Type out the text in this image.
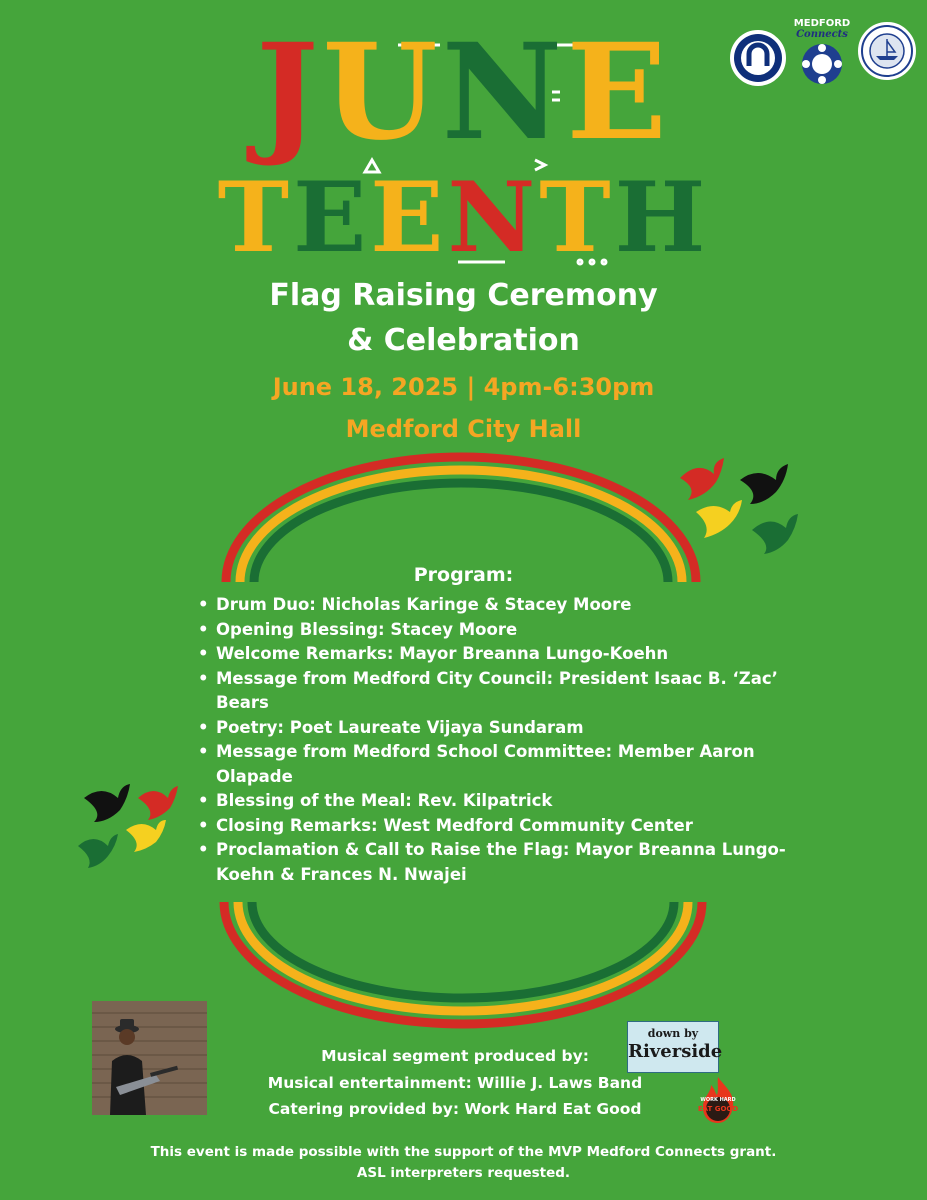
MEDFORD
Connects
JUNE
TEENTH
Flag Raising Ceremony
& Celebration
June 18, 2025 | 4pm-6:30pm
Medford City Hall
Program:
• Drum Duo: Nicholas Karinge & Stacey Moore
• Opening Blessing: Stacey Moore
• Welcome Remarks: Mayor Breanna Lungo-Koehn
• Message from Medford City Council: President Isaac B. ‘Zac’ Bears
• Poetry: Poet Laureate Vijaya Sundaram
• Message from Medford School Committee: Member Aaron Olapade
• Blessing of the Meal: Rev. Kilpatrick
• Closing Remarks: West Medford Community Center
• Proclamation & Call to Raise the Flag: Mayor Breanna Lungo-Koehn & Frances N. Nwajei
Musical segment produced by:
Musical entertainment: Willie J. Laws Band
Catering provided by: Work Hard Eat Good
down by
Riverside
WORK HARD
EAT GOOD
This event is made possible with the support of the MVP Medford Connects grant.
ASL interpreters requested.
